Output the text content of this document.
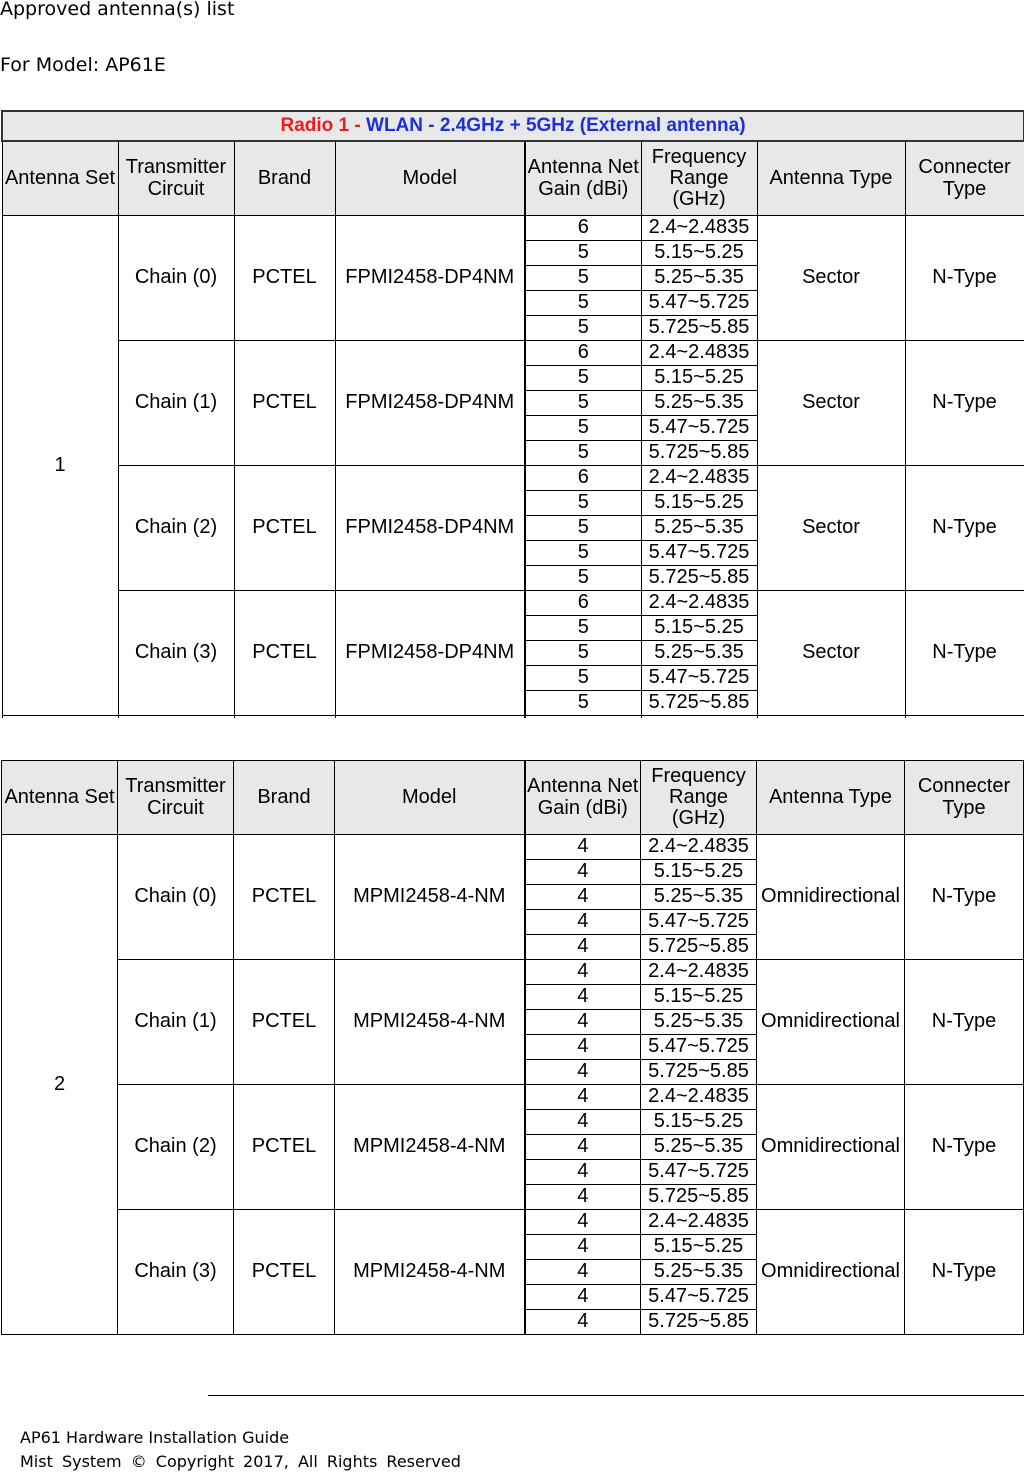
Approved antenna(s) list
For Model: AP61E
Radio 1 - WLAN - 2.4GHz + 5GHz (External antenna)							
Antenna Set	Transmitter Circuit	Brand	Model	Antenna Net Gain (dBi)	Frequency Range (GHz)	Antenna Type	Connecter Type
1	Chain (0)	PCTEL	FPMI2458-DP4NM	6	2.4~2.4835	Sector	N-Type
				5	5.15~5.25		
				5	5.25~5.35		
				5	5.47~5.725		
				5	5.725~5.85		
	Chain (1)	PCTEL	FPMI2458-DP4NM	6	2.4~2.4835	Sector	N-Type
				5	5.15~5.25		
				5	5.25~5.35		
				5	5.47~5.725		
				5	5.725~5.85		
	Chain (2)	PCTEL	FPMI2458-DP4NM	6	2.4~2.4835	Sector	N-Type
				5	5.15~5.25		
				5	5.25~5.35		
				5	5.47~5.725		
				5	5.725~5.85		
	Chain (3)	PCTEL	FPMI2458-DP4NM	6	2.4~2.4835	Sector	N-Type
				5	5.15~5.25		
				5	5.25~5.35		
				5	5.47~5.725		
				5	5.725~5.85		

Antenna Set	Transmitter Circuit	Brand	Model	Antenna Net Gain (dBi)	Frequency Range (GHz)	Antenna Type	Connecter Type
2	Chain (0)	PCTEL	MPMI2458-4-NM	4	2.4~2.4835	Omnidirectional	N-Type
				4	5.15~5.25		
				4	5.25~5.35		
				4	5.47~5.725		
				4	5.725~5.85		
	Chain (1)	PCTEL	MPMI2458-4-NM	4	2.4~2.4835	Omnidirectional	N-Type
				4	5.15~5.25		
				4	5.25~5.35		
				4	5.47~5.725		
				4	5.725~5.85		
	Chain (2)	PCTEL	MPMI2458-4-NM	4	2.4~2.4835	Omnidirectional	N-Type
				4	5.15~5.25		
				4	5.25~5.35		
				4	5.47~5.725		
				4	5.725~5.85		
	Chain (3)	PCTEL	MPMI2458-4-NM	4	2.4~2.4835	Omnidirectional	N-Type
				4	5.15~5.25		
				4	5.25~5.35		
				4	5.47~5.725		
				4	5.725~5.85		
AP61 Hardware Installation Guide
Mist System © Copyright 2017, All Rights Reserved
